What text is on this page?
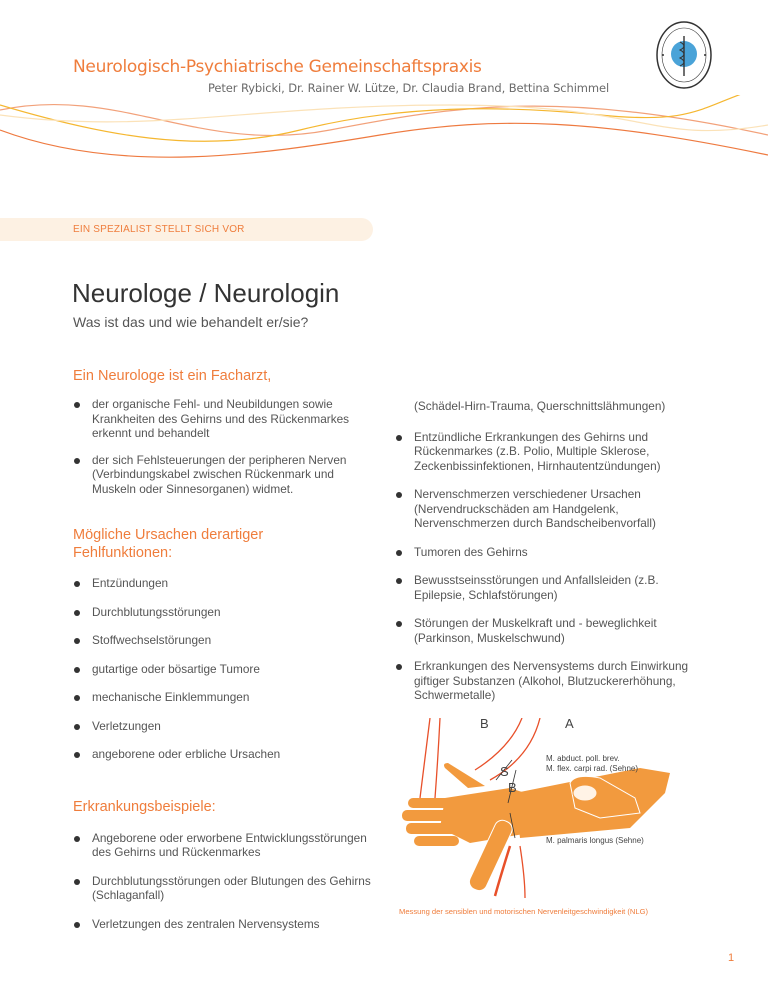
Neurologisch-Psychiatrische Gemeinschaftspraxis
Peter Rybicki, Dr. Rainer W. Lütze, Dr. Claudia Brand, Bettina Schimmel
EIN SPEZIALIST STELLT SICH VOR
Neurologe / Neurologin
Was ist das und wie behandelt er/sie?
Ein Neurologe ist ein Facharzt,
der organische Fehl- und Neubildungen sowie Krankheiten des Gehirns und des Rückenmarkes erkennt und behandelt
der sich Fehlsteuerungen der peripheren Nerven (Verbindungskabel zwischen Rückenmark und Muskeln oder Sinnesorganen) widmet.
Mögliche Ursachen derartiger Fehlfunktionen:
Entzündungen
Durchblutungsstörungen
Stoffwechselstörungen
gutartige oder bösartige Tumore
mechanische Einklemmungen
Verletzungen
angeborene oder erbliche Ursachen
Erkrankungsbeispiele:
Angeborene oder erworbene Entwicklungsstörungen des Gehirns und Rückenmarkes
Durchblutungsstörungen oder Blutungen des Gehirns (Schlaganfall)
Verletzungen des zentralen Nervensystems
(Schädel-Hirn-Trauma, Querschnittslähmungen)
Entzündliche Erkrankungen des Gehirns und Rückenmarkes (z.B. Polio, Multiple Sklerose, Zeckenbissinfektionen, Hirnhautentzündungen)
Nervenschmerzen verschiedener Ursachen (Nervendruckschäden am Handgelenk, Nervenschmerzen durch Bandscheibenvorfall)
Tumoren des Gehirns
Bewusstseinsstörungen und Anfallsleiden (z.B. Epilepsie, Schlafstörungen)
Störungen der Muskelkraft und - beweglichkeit (Parkinson, Muskelschwund)
Erkrankungen des Nervensystems durch Einwirkung giftiger Substanzen (Alkohol, Blutzuckererhöhung, Schwermetalle)
B	A
S
B
M. abduct. poll. brev.
M. flex. carpi rad. (Sehne)
M. palmaris longus (Sehne)
Messung der sensiblen und motorischen Nervenleitgeschwindigkeit (NLG)
1
